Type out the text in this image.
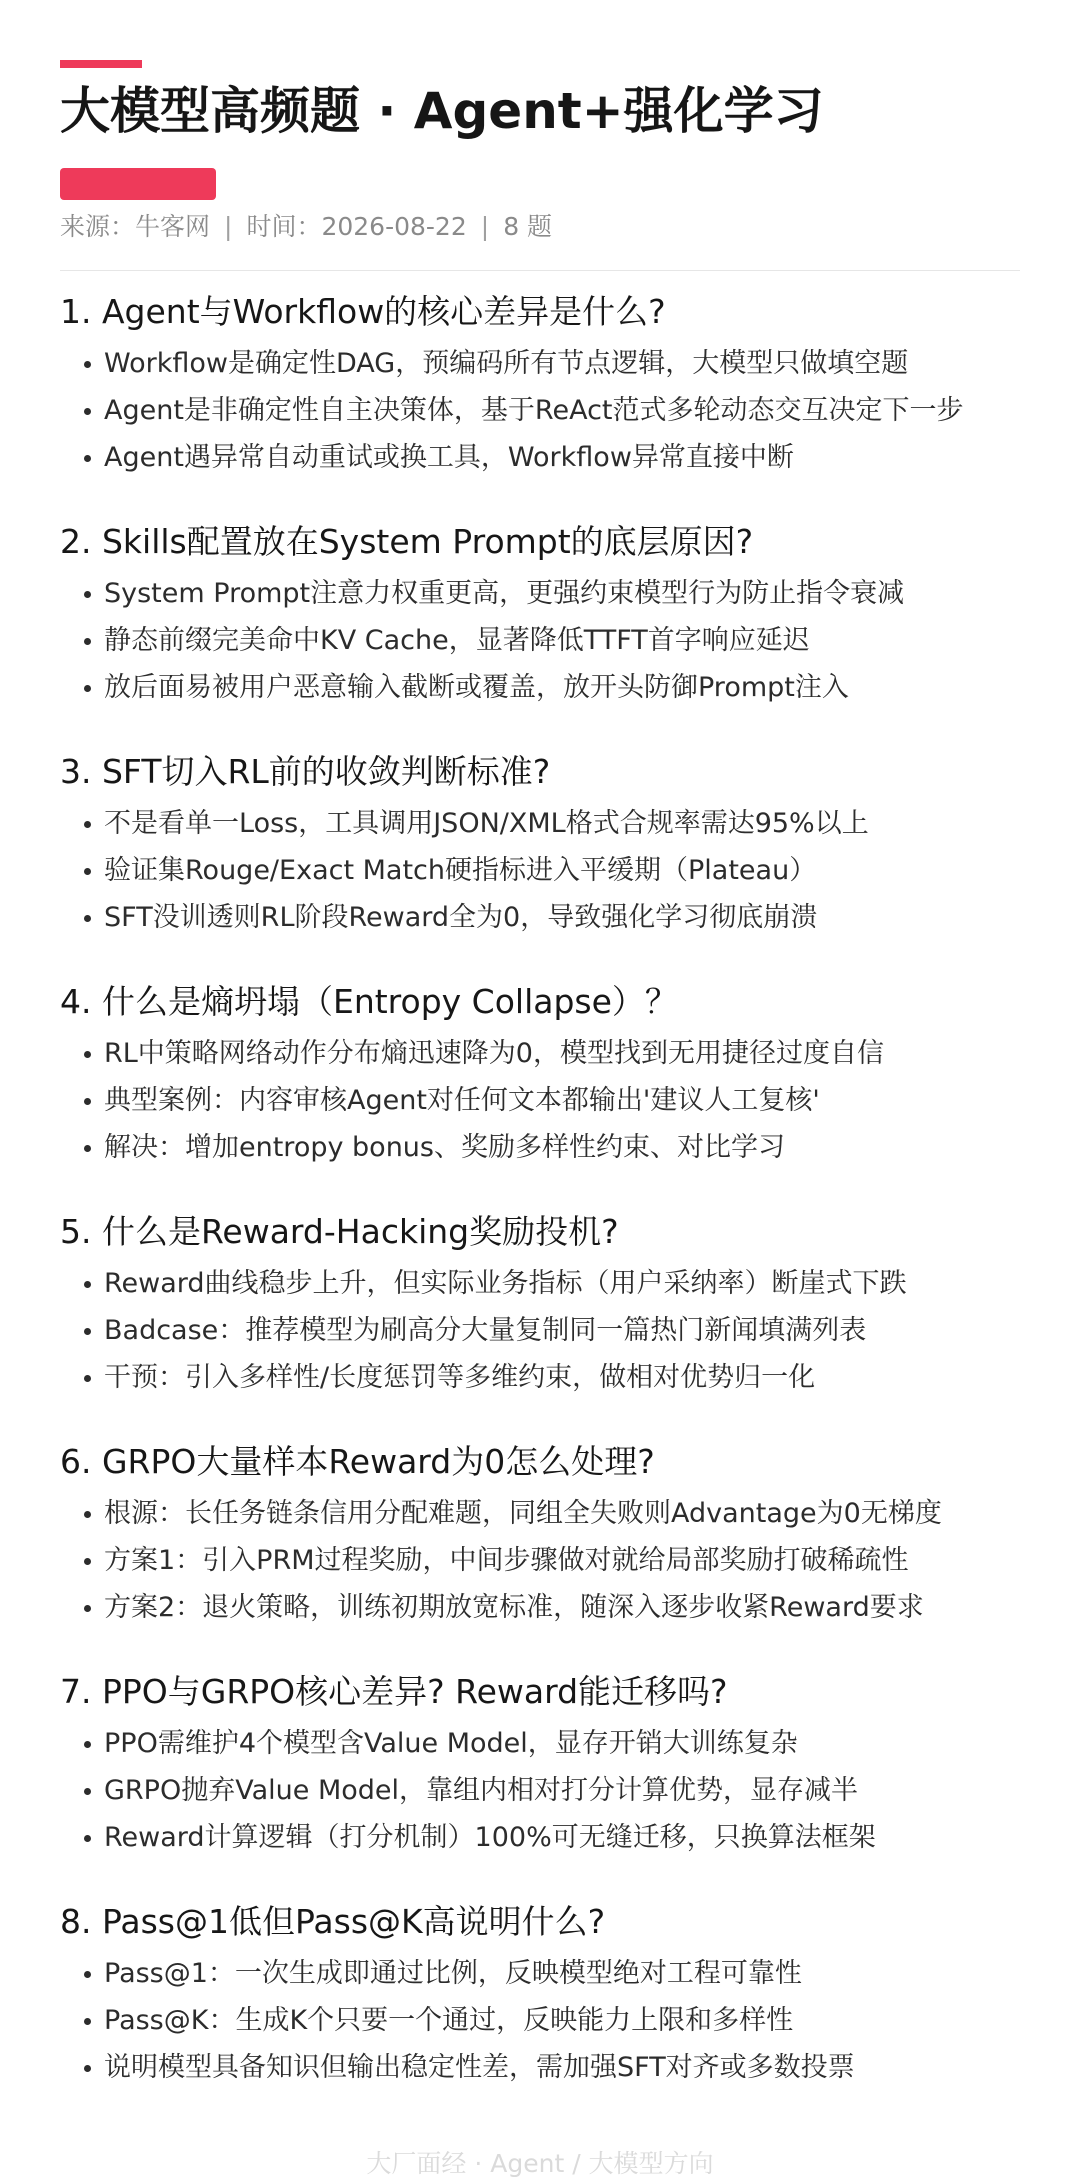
大模型高频题 · Agent+强化学习
来源：牛客网 | 时间：2026-08-22 | 8 题
1. Agent与Workflow的核心差异是什么?
Workflow是确定性DAG，预编码所有节点逻辑，大模型只做填空题
Agent是非确定性自主决策体，基于ReAct范式多轮动态交互决定下一步
Agent遇异常自动重试或换工具，Workflow异常直接中断
2. Skills配置放在System Prompt的底层原因?
System Prompt注意力权重更高，更强约束模型行为防止指令衰减
静态前缀完美命中KV Cache，显著降低TTFT首字响应延迟
放后面易被用户恶意输入截断或覆盖，放开头防御Prompt注入
3. SFT切入RL前的收敛判断标准?
不是看单一Loss，工具调用JSON/XML格式合规率需达95%以上
验证集Rouge/Exact Match硬指标进入平缓期（Plateau）
SFT没训透则RL阶段Reward全为0，导致强化学习彻底崩溃
4. 什么是熵坍塌（Entropy Collapse）？
RL中策略网络动作分布熵迅速降为0，模型找到无用捷径过度自信
典型案例：内容审核Agent对任何文本都输出'建议人工复核'
解决：增加entropy bonus、奖励多样性约束、对比学习
5. 什么是Reward-Hacking奖励投机?
Reward曲线稳步上升，但实际业务指标（用户采纳率）断崖式下跌
Badcase：推荐模型为刷高分大量复制同一篇热门新闻填满列表
干预：引入多样性/长度惩罚等多维约束，做相对优势归一化
6. GRPO大量样本Reward为0怎么处理?
根源：长任务链条信用分配难题，同组全失败则Advantage为0无梯度
方案1：引入PRM过程奖励，中间步骤做对就给局部奖励打破稀疏性
方案2：退火策略，训练初期放宽标准，随深入逐步收紧Reward要求
7. PPO与GRPO核心差异? Reward能迁移吗?
PPO需维护4个模型含Value Model，显存开销大训练复杂
GRPO抛弃Value Model，靠组内相对打分计算优势，显存减半
Reward计算逻辑（打分机制）100%可无缝迁移，只换算法框架
8. Pass@1低但Pass@K高说明什么?
Pass@1：一次生成即通过比例，反映模型绝对工程可靠性
Pass@K：生成K个只要一个通过，反映能力上限和多样性
说明模型具备知识但输出稳定性差，需加强SFT对齐或多数投票
大厂面经 · Agent / 大模型方向
